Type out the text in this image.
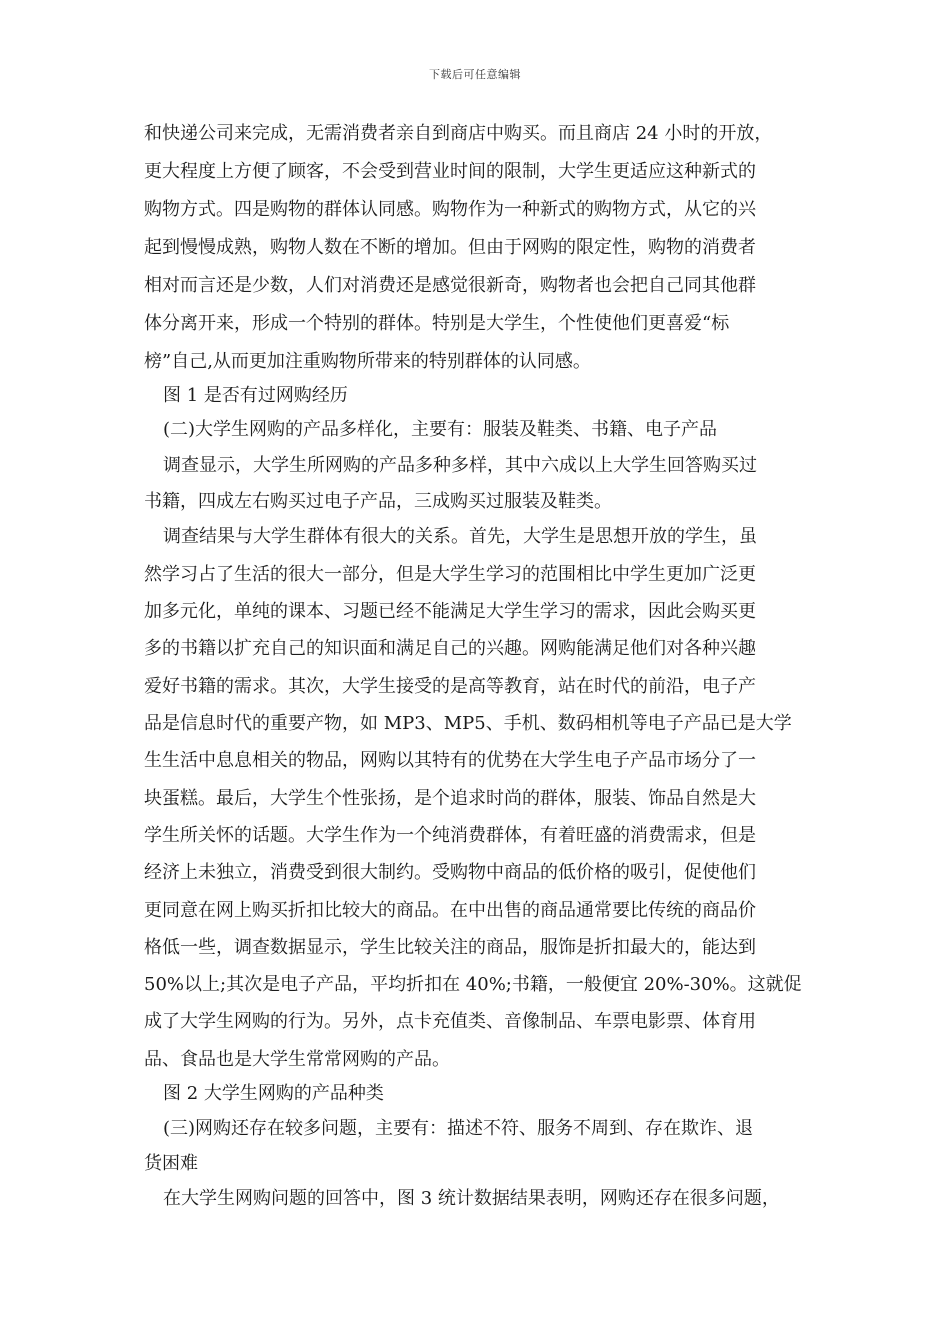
下载后可任意编辑
和快递公司来完成，无需消费者亲自到商店中购买。而且商店 24 小时的开放，
更大程度上方便了顾客，不会受到营业时间的限制，大学生更适应这种新式的
购物方式。四是购物的群体认同感。购物作为一种新式的购物方式，从它的兴
起到慢慢成熟，购物人数在不断的增加。但由于网购的限定性，购物的消费者
相对而言还是少数，人们对消费还是感觉很新奇，购物者也会把自己同其他群
体分离开来，形成一个特别的群体。特别是大学生，个性使他们更喜爱“标
榜”自己,从而更加注重购物所带来的特别群体的认同感。
图 1 是否有过网购经历
(二)大学生网购的产品多样化，主要有：服装及鞋类、书籍、电子产品
调查显示，大学生所网购的产品多种多样，其中六成以上大学生回答购买过
书籍，四成左右购买过电子产品，三成购买过服装及鞋类。
调查结果与大学生群体有很大的关系。首先，大学生是思想开放的学生，虽
然学习占了生活的很大一部分，但是大学生学习的范围相比中学生更加广泛更
加多元化，单纯的课本、习题已经不能满足大学生学习的需求，因此会购买更
多的书籍以扩充自己的知识面和满足自己的兴趣。网购能满足他们对各种兴趣
爱好书籍的需求。其次，大学生接受的是高等教育，站在时代的前沿，电子产
品是信息时代的重要产物，如 MP3、MP5、手机、数码相机等电子产品已是大学
生生活中息息相关的物品，网购以其特有的优势在大学生电子产品市场分了一
块蛋糕。最后，大学生个性张扬，是个追求时尚的群体，服装、饰品自然是大
学生所关怀的话题。大学生作为一个纯消费群体，有着旺盛的消费需求，但是
经济上未独立，消费受到很大制约。受购物中商品的低价格的吸引，促使他们
更同意在网上购买折扣比较大的商品。在中出售的商品通常要比传统的商品价
格低一些，调查数据显示，学生比较关注的商品，服饰是折扣最大的，能达到
50%以上;其次是电子产品，平均折扣在 40%;书籍，一般便宜 20%-30%。这就促
成了大学生网购的行为。另外，点卡充值类、音像制品、车票电影票、体育用
品、食品也是大学生常常网购的产品。
图 2 大学生网购的产品种类
(三)网购还存在较多问题，主要有：描述不符、服务不周到、存在欺诈、退
货困难
在大学生网购问题的回答中，图 3 统计数据结果表明，网购还存在很多问题，
